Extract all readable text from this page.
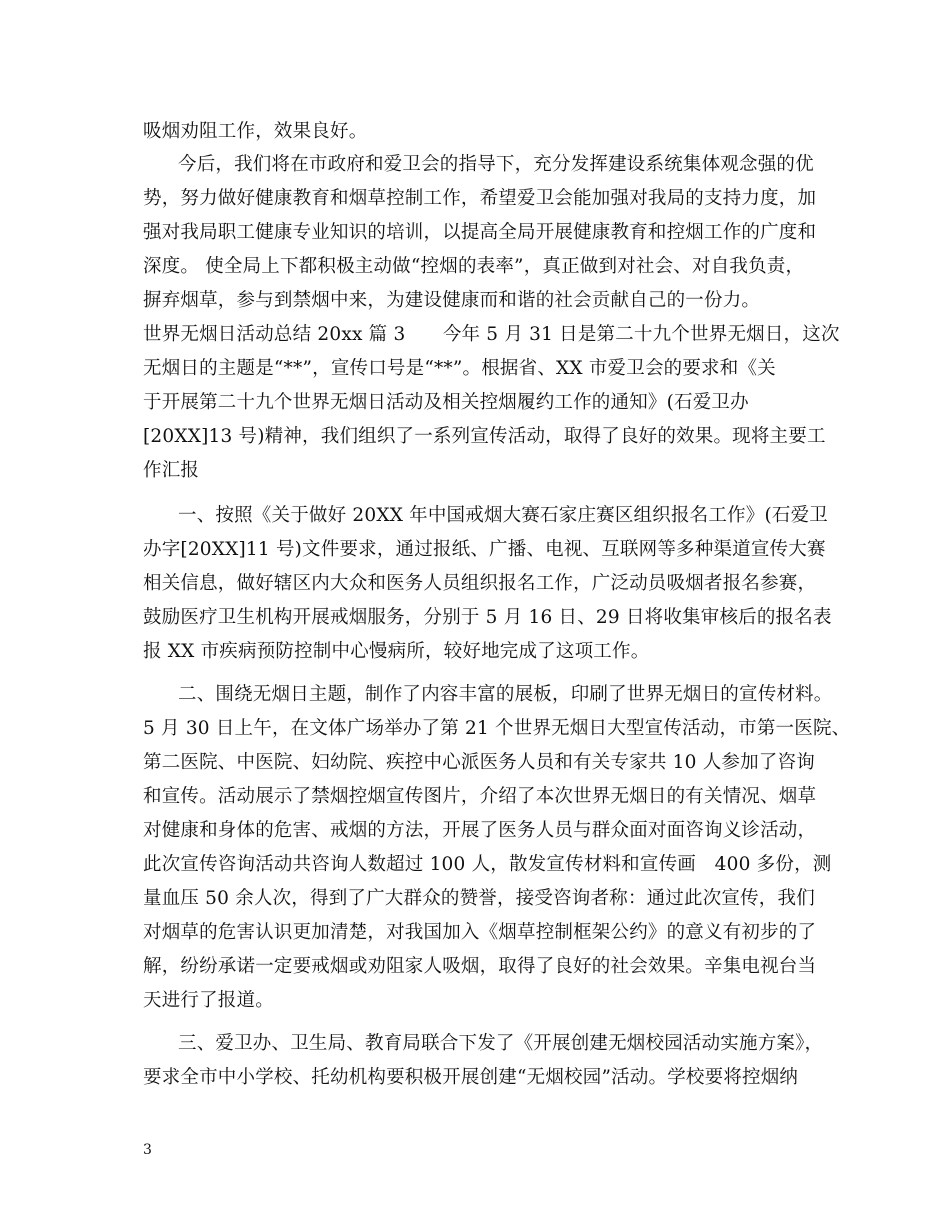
吸烟劝阻工作，效果良好。
今后，我们将在市政府和爱卫会的指导下，充分发挥建设系统集体观念强的优
势，努力做好健康教育和烟草控制工作，希望爱卫会能加强对我局的支持力度，加
强对我局职工健康专业知识的培训，以提高全局开展健康教育和控烟工作的广度和
深度。 使全局上下都积极主动做“控烟的表率”，真正做到对社会、对自我负责，
摒弃烟草，参与到禁烟中来，为建设健康而和谐的社会贡献自己的一份力。
世界无烟日活动总结 20xx 篇 3　　今年 5 月 31 日是第二十九个世界无烟日，这次
无烟日的主题是“**”，宣传口号是“**”。根据省、XX 市爱卫会的要求和《关
于开展第二十九个世界无烟日活动及相关控烟履约工作的通知》(石爱卫办
[20XX]13 号)精神，我们组织了一系列宣传活动，取得了良好的效果。现将主要工
作汇报
一、按照《关于做好 20XX 年中国戒烟大赛石家庄赛区组织报名工作》(石爱卫
办字[20XX]11 号)文件要求，通过报纸、广播、电视、互联网等多种渠道宣传大赛
相关信息，做好辖区内大众和医务人员组织报名工作，广泛动员吸烟者报名参赛，
鼓励医疗卫生机构开展戒烟服务，分别于 5 月 16 日、29 日将收集审核后的报名表
报 XX 市疾病预防控制中心慢病所，较好地完成了这项工作。
二、围绕无烟日主题，制作了内容丰富的展板，印刷了世界无烟日的宣传材料。
5 月 30 日上午，在文体广场举办了第 21 个世界无烟日大型宣传活动，市第一医院、
第二医院、中医院、妇幼院、疾控中心派医务人员和有关专家共 10 人参加了咨询
和宣传。活动展示了禁烟控烟宣传图片，介绍了本次世界无烟日的有关情况、烟草
对健康和身体的危害、戒烟的方法，开展了医务人员与群众面对面咨询义诊活动，
此次宣传咨询活动共咨询人数超过 100 人，散发宣传材料和宣传画　400 多份，测
量血压 50 余人次，得到了广大群众的赞誉，接受咨询者称：通过此次宣传，我们
对烟草的危害认识更加清楚，对我国加入《烟草控制框架公约》的意义有初步的了
解，纷纷承诺一定要戒烟或劝阻家人吸烟，取得了良好的社会效果。辛集电视台当
天进行了报道。
三、爱卫办、卫生局、教育局联合下发了《开展创建无烟校园活动实施方案》，
要求全市中小学校、托幼机构要积极开展创建“无烟校园”活动。学校要将控烟纳
3
